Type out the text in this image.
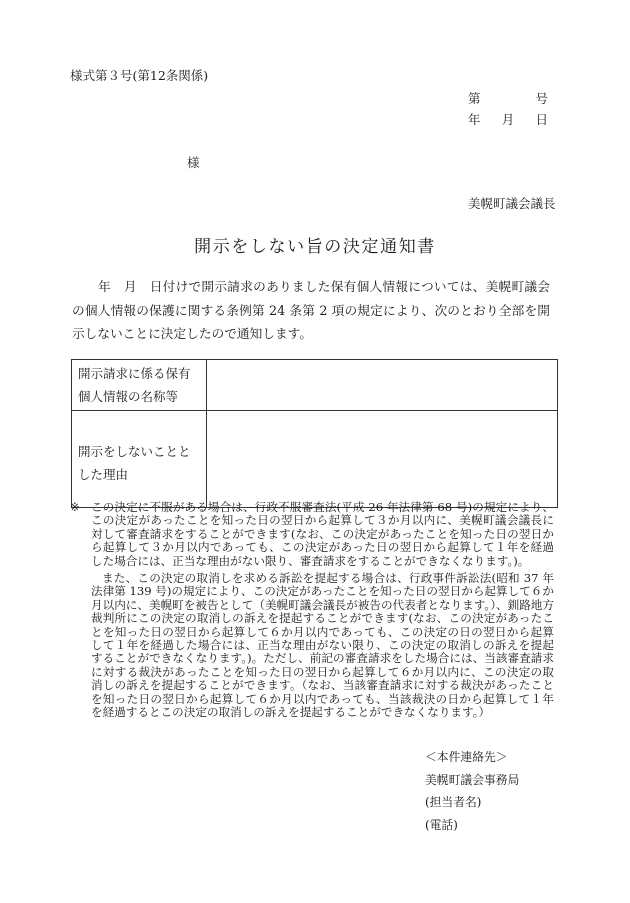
様式第３号(第12条関係)
第	号
年 月 日
様
美幌町議会議長
開示をしない旨の決定通知書
年　月　日付けで開示請求のありました保有個人情報については、美幌町議会の個人情報の保護に関する条例第 24 条第 2 項の規定により、次のとおり全部を開示しないことに決定したので通知します。
開示請求に係る保有個人情報の名称等	

開示をしないこととした理由	

※ この決定に不服がある場合は、行政不服審査法(平成 26 年法律第 68 号)の規定により、この決定があったことを知った日の翌日から起算して３か月以内に、美幌町議会議長に対して審査請求をすることができます(なお、この決定があったことを知った日の翌日から起算して３か月以内であっても、この決定があった日の翌日から起算して１年を経過した場合には、正当な理由がない限り、審査請求をすることができなくなります。)。

また、この決定の取消しを求める訴訟を提起する場合は、行政事件訴訟法(昭和 37 年法律第 139 号)の規定により、この決定があったことを知った日の翌日から起算して６か月以内に、美幌町を被告として（美幌町議会議長が被告の代表者となります。）、釧路地方裁判所にこの決定の取消しの訴えを提起することができます(なお、この決定があったことを知った日の翌日から起算して６か月以内であっても、この決定の日の翌日から起算して１年を経過した場合には、正当な理由がない限り、この決定の取消しの訴えを提起することができなくなります。)。ただし、前記の審査請求をした場合には、当該審査請求に対する裁決があったことを知った日の翌日から起算して６か月以内に、この決定の取消しの訴えを提起することができます。（なお、当該審査請求に対する裁決があったことを知った日の翌日から起算して６か月以内であっても、当該裁決の日から起算して１年を経過するとこの決定の取消しの訴えを提起することができなくなります。）

＜本件連絡先＞
美幌町議会事務局
(担当者名)
(電話)
